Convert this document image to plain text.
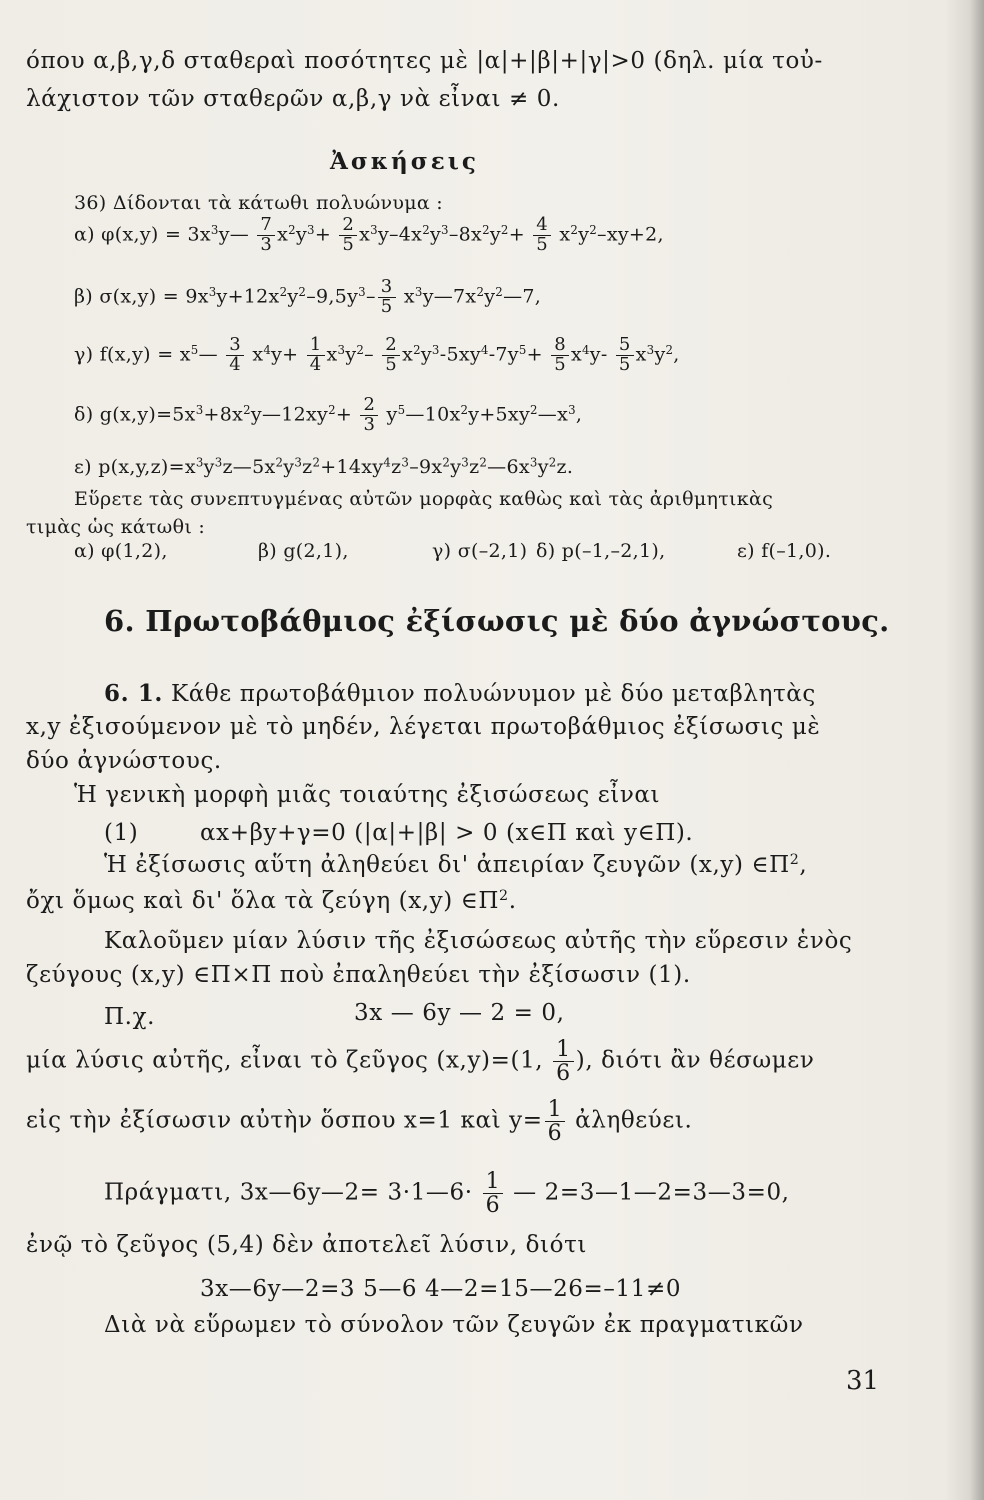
όπου α,β,γ,δ σταθεραὶ ποσότητες μὲ |α|+|β|+|γ|>0 (δηλ. μία τοὐ-
λάχιστον τῶν σταθερῶν α,β,γ νὰ εἶναι ≠ 0.
Ἀσκήσεις
36) Δίδονται τὰ κάτωθι πολυώνυμα :
α) $\varphi(x,y) = 3x^3y— \frac{7}{3} x^2y^3+ \frac{2}{5} x^3y-4x^2y^3-8x^2y^2+ \frac{4}{5} x^2y^2-xy+2$,
β) $\sigma(x,y) = 9x^3y+12x^2y^2-9,5y^3- \frac{3}{5}$ $x^3y—7x^2y^2—7$,
γ) $f(x,y) = x^5— \frac{3}{4} x^4y+ \frac{1}{4} x^3y^2- \frac{2}{5} x^2y^3-5xy^4-7y^5+ \frac{8}{5} x^4y- \frac{5}{5} x^3y^2$,
δ) $g(x,y)=5x^3+8x^2y—12xy^2+ \frac{2}{3}$ $y^5—10x^2y+5xy^2—x^3$,
ε) $p(x,y,z)=x^3y^3z—5x^2y^3z^2+14xy^4z^3-9x^2y^3z^2—6x^3y^2z$.
Εὕρετε τὰς συνεπτυγμένας αὐτῶν μορφὰς καθὼς καὶ τὰς ἀριθμητικὰς
τιμὰς ὡς κάτωθι :
α) φ(1,2),	β) g(2,1),	γ) σ(–2,1) δ) p(–1,–2,1),	ε) f(–1,0).
6. Πρωτοβάθμιος ἐξίσωσις μὲ δύο ἀγνώστους.
6. 1. Κάθε πρωτοβάθμιον πολυώνυμον μὲ δύο μεταβλητὰς
x,y ἐξισούμενον μὲ τὸ μηδέν, λέγεται πρωτοβάθμιος ἐξίσωσις μὲ
δύο ἀγνώστους.
Ἡ γενικὴ μορφὴ μιᾶς τοιαύτης ἐξισώσεως εἶναι
(1)	αx+βy+γ=0 (|α|+|β| > 0 (x∈Π καὶ y∈Π).
Ἡ ἐξίσωσις αὕτη ἀληθεύει δι' ἀπειρίαν ζευγῶν (x,y) $\in\Pi^2$,
ὄχι ὅμως καὶ δι' ὅλα τὰ ζεύγη (x,y) $\in\Pi^2$.
Καλοῦμεν μίαν λύσιν τῆς ἐξισώσεως αὐτῆς τὴν εὕρεσιν ἑνὸς
ζεύγους (x,y) ∈Π×Π ποὺ ἐπαληθεύει τὴν ἐξίσωσιν (1).
Π.χ.	3x — 6y — 2 = 0,
μία λύσις αὐτῆς, εἶναι τὸ ζεῦγος (x,y)=(1, $\frac{1}{6}$ ), διότι ἂν θέσωμεν
εἰς τὴν ἐξίσωσιν αὐτὴν ὅσπου x=1 καὶ $y= \frac{1}{6}$ ἀληθεύει.
Πράγματι, 3x—6y—2= 3·1—6· $\frac{1}{6}$ — 2=3—1—2=3—3=0,
ἐνῷ τὸ ζεῦγος (5,4) δὲν ἀποτελεῖ λύσιν, διότι
3x—6y—2=3 5—6 4—2=15—26=–11≠0
Διὰ νὰ εὕρωμεν τὸ σύνολον τῶν ζευγῶν ἐκ πραγματικῶν
31
